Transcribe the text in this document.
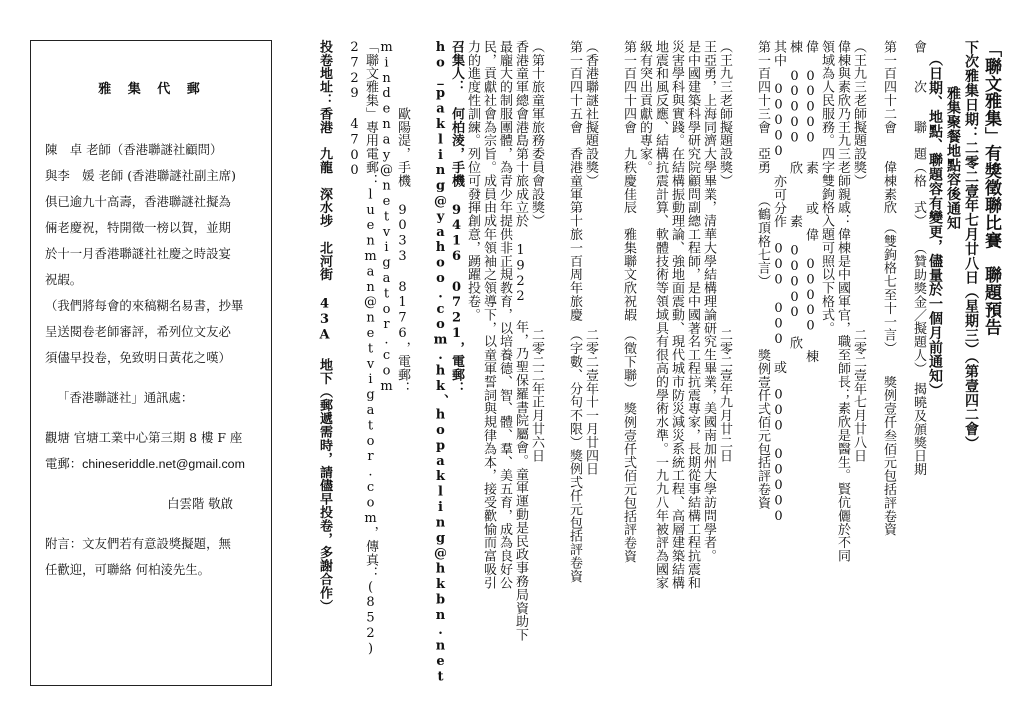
雅 集 代 郵

陳　卓 老師（香港聯謎社顧問）

與李　媛 老師 (香港聯謎社副主席)

俱已逾九十高壽，香港聯謎社擬為

倆老慶祝，特開徵一榜以賀，並期

於十一月香港聯謎社社慶之時設宴

祝嘏。

（我們將每會的來稿糊名易書，抄畢

呈送閱卷老師審評，希列位文友必

須儘早投卷，免致明日黃花之嘆）

「香港聯謎社」通訊處：

觀塘 官塘工業中心第三期 8 樓 F 座

電郵：chineseriddle.net@gmail.com

白雲階 敬啟

附言：文友們若有意設獎擬題，無

任歡迎，可聯絡 何柏淩先生。

「聯文雅集」有獎徵聯比賽　聯題預告
下次雅集日期：二零二壹年七月廿八日（星期三）（第壹四二會）
雅集聚餐地點容後通知
（日期、地點、聯題容有變更，儘量於一個月前通知）
會　　次　　聯　題（格　式）　　（贊助獎金／擬題人）　揭曉及頒獎日期
第一百四十二會　　偉棟素欣　（雙鉤格七至十一言）　　獎例壹仟叁佰元包括評卷資
（王九三老師擬題設獎）　　　　　　　　　　　二零二壹年七月廿八日
偉棟與素欣乃王九三老師親戚：偉棟是中國軍官，職至師長；素欣是醫生。賢伉儷於不同
領域為人民服務。四字雙鉤格入題可照以下格式。
偉 00000 素　　或　偉 00000 棟
棟 00000 欣　　　素 00000 欣
其中 00000 亦可分作　000　000　或　000　00000
第一百四十三會　亞勇　　（鶴頂格七言）　　　　　獎例壹仟弍佰元包括評卷資
（王九三老師擬題設獎）　　　　　　　　　　　二零二壹年九月廿二日
王亞勇，上海同濟大學畢業，清華大學結構理論研究生畢業，美國南加州大學訪問學者。
是中國建築科學研究院顧問副總工程師，是中國著名工程抗震專家，長期從事結構工程抗震和
災害學科與實踐。在結構振動理論、強地面震動、現代城市防災減災系統工程、高層建築結構
地震和風反應、結構抗震計算、軟體技術等領域具有很高的學術水準。一九九八年被評為國家
級有突出貢獻的專家。
第一百四十四會　九秩慶佳辰　雅集聯文欣祝嘏　（徵下聯）　獎例壹仟弍佰元包括評卷資
（香港聯謎社擬題設獎）　　　　　　　　　　　二零二壹年十一月廿四日
第一百四十五會　香港童軍第十旅一百周年旅慶　（字數、分句不限）獎例弍仟元包括評卷資
（第十旅童軍旅務委員會設獎）　　　　　　　　二零二二年正月廿六日
香港童軍總會港島第十旅成立於 1922 年，乃聖保羅書院屬會。童軍運動是民政事務局資助下
最龐大的制服團體，為青少年提供非正規教育，以培養德、智、體、羣、美五育，成為良好公
民，貢獻社會為宗旨。成員由成年領袖之領導下，以童軍誓詞與規律為本，接受歡愉而富吸引
力的進度性訓練。列位可發揮創意，踴躍投卷。
召集人：　何柏淩，手機 9416 0721，電郵：ho_pakling@yahoo.com.hk、hopakling@hkbn.net
　　　　　歐陽湜，手機 9033 8176，電郵：mindenay@netvigator.com
「聯文雅集」專用電郵：luenman@netvigator.com，傳真：(852) 2729 4700
投卷地址：香港　九龍　深水埗　北河街 43A 地下（郵遞需時，請儘早投卷，多謝合作）
